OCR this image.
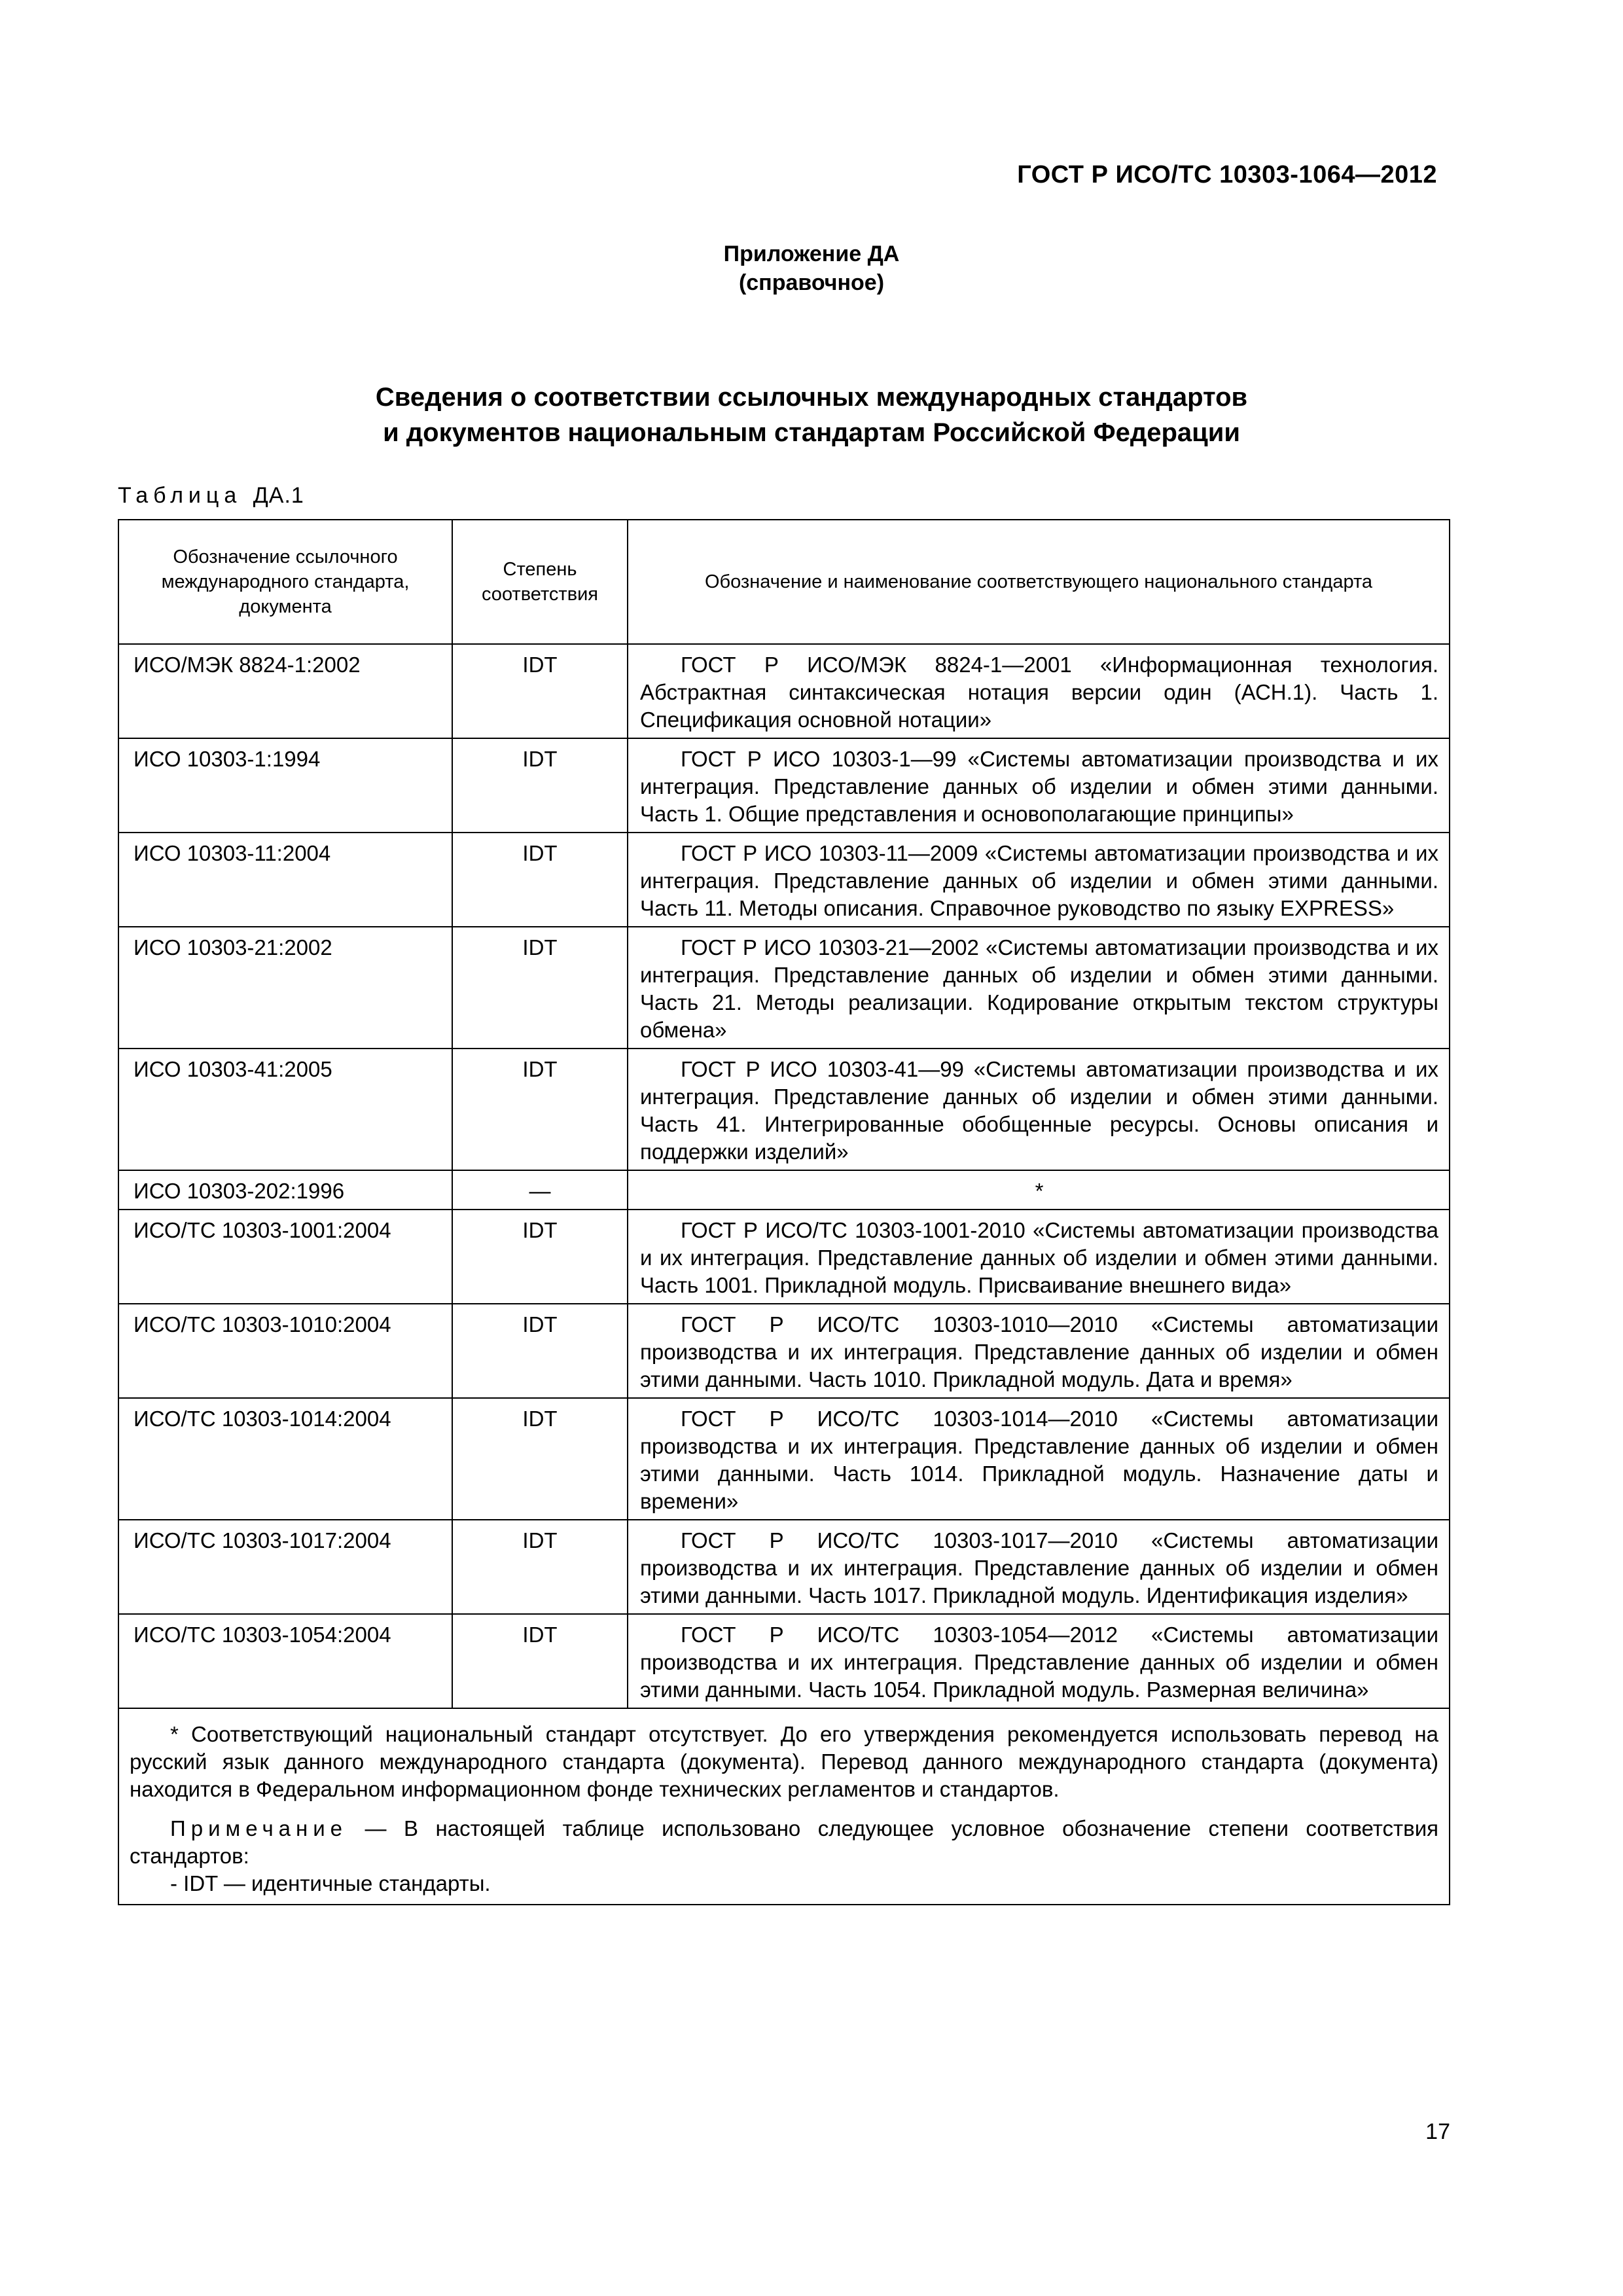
ГОСТ Р ИСО/ТС 10303-1064—2012
Приложение ДА
(справочное)
Сведения о соответствии ссылочных международных стандартов
и документов национальным стандартам Российской Федерации
Таблица ДА.1
Обозначение ссылочного международного стандарта, документа	Степень соответствия	Обозначение и наименование соответствующего национального стандарта
ИСО/МЭК 8824-1:2002	IDT	ГОСТ Р ИСО/МЭК 8824-1—2001 «Информационная технология. Абстрактная синтаксическая нотация версии один (АСН.1). Часть 1. Спецификация основной нотации»
ИСО 10303-1:1994	IDT	ГОСТ Р ИСО 10303-1—99 «Системы автоматизации производства и их интеграция. Представление данных об изделии и обмен этими данными. Часть 1. Общие представления и основополагающие принципы»
ИСО 10303-11:2004	IDT	ГОСТ Р ИСО 10303-11—2009 «Системы автоматизации производства и их интеграция. Представление данных об изделии и обмен этими данными. Часть 11. Методы описания. Справочное руководство по языку EXPRESS»
ИСО 10303-21:2002	IDT	ГОСТ Р ИСО 10303-21—2002 «Системы автоматизации производства и их интеграция. Представление данных об изделии и обмен этими данными. Часть 21. Методы реализации. Кодирование открытым текстом структуры обмена»
ИСО 10303-41:2005	IDT	ГОСТ Р ИСО 10303-41—99 «Системы автоматизации производства и их интеграция. Представление данных об изделии и обмен этими данными. Часть 41. Интегрированные обобщенные ресурсы. Основы описания и поддержки изделий»
ИСО 10303-202:1996	—	*
ИСО/ТС 10303-1001:2004	IDT	ГОСТ Р ИСО/ТС 10303-1001-2010 «Системы автоматизации производства и их интеграция. Представление данных об изделии и обмен этими данными. Часть 1001. Прикладной модуль. Присваивание внешнего вида»
ИСО/ТС 10303-1010:2004	IDT	ГОСТ Р ИСО/ТС 10303-1010—2010 «Системы автоматизации производства и их интеграция. Представление данных об изделии и обмен этими данными. Часть 1010. Прикладной модуль. Дата и время»
ИСО/ТС 10303-1014:2004	IDT	ГОСТ Р ИСО/ТС 10303-1014—2010 «Системы автоматизации производства и их интеграция. Представление данных об изделии и обмен этими данными. Часть 1014. Прикладной модуль. Назначение даты и времени»
ИСО/ТС 10303-1017:2004	IDT	ГОСТ Р ИСО/ТС 10303-1017—2010 «Системы автоматизации производства и их интеграция. Представление данных об изделии и обмен этими данными. Часть 1017. Прикладной модуль. Идентификация изделия»
ИСО/ТС 10303-1054:2004	IDT	ГОСТ Р ИСО/ТС 10303-1054—2012 «Системы автоматизации производства и их интеграция. Представление данных об изделии и обмен этими данными. Часть 1054. Прикладной модуль. Размерная величина»

* Соответствующий национальный стандарт отсутствует. До его утверждения рекомендуется использовать перевод на русский язык данного международного стандарта (документа). Перевод данного международного стандарта (документа) находится в Федеральном информационном фонде технических регламентов и стандартов.
Примечание — В настоящей таблице использовано следующее условное обозначение степени соответствия стандартов:
- IDT — идентичные стандарты.		
17
